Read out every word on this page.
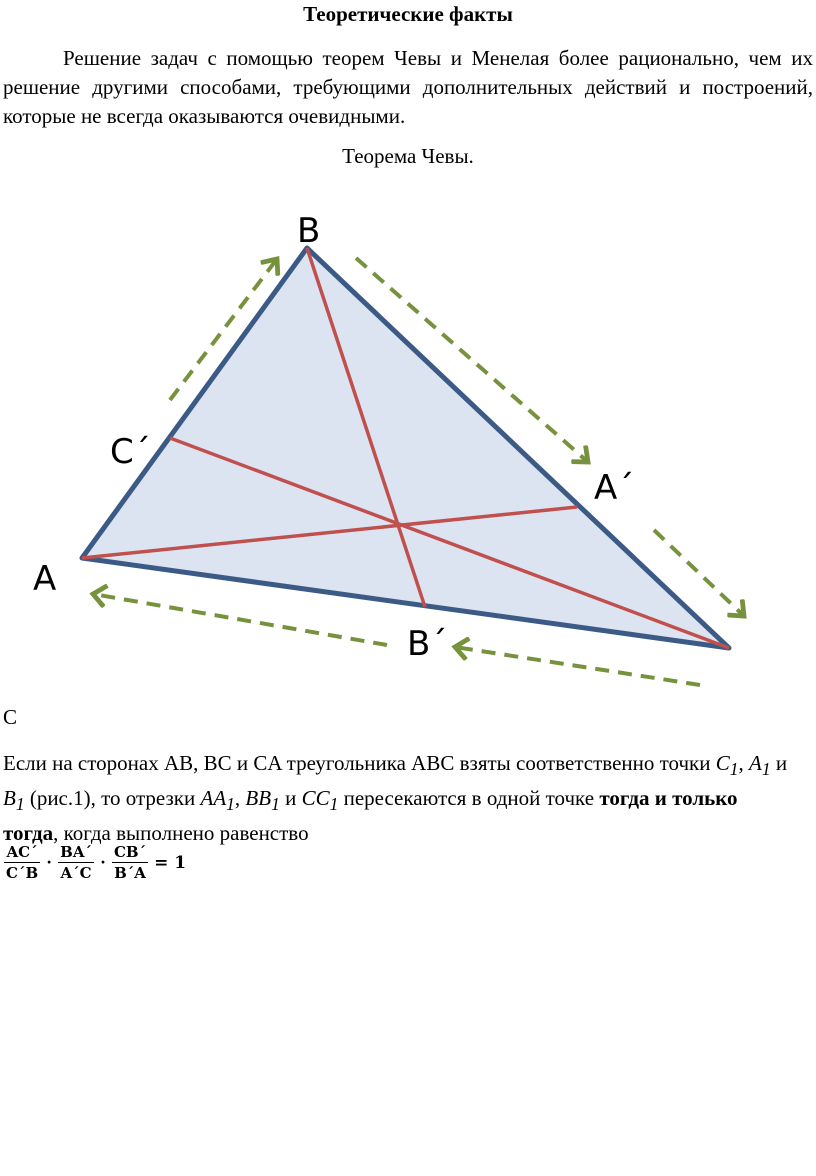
Теоретические факты
Решение задач с помощью теорем Чевы и Менелая более рационально, чем их решение другими способами, требующими дополнительных действий и построений, которые не всегда оказываются очевидными.
Теорема Чевы.
B
C´
A´
A
B´
C
Если на сторонах AB, BC и CA треугольника ABC взяты соответственно точки $C_1$, $A_1$ и $B_1$ (рис.1), то отрезки $AA_1$, $BB_1$ и $CC_1$ пересекаются в одной точке тогда и только тогда, когда выполнено равенство
$\frac{AC´}{C´B} \cdot \frac{BA´}{A´C} \cdot \frac{CB´}{B´A} = 1$
